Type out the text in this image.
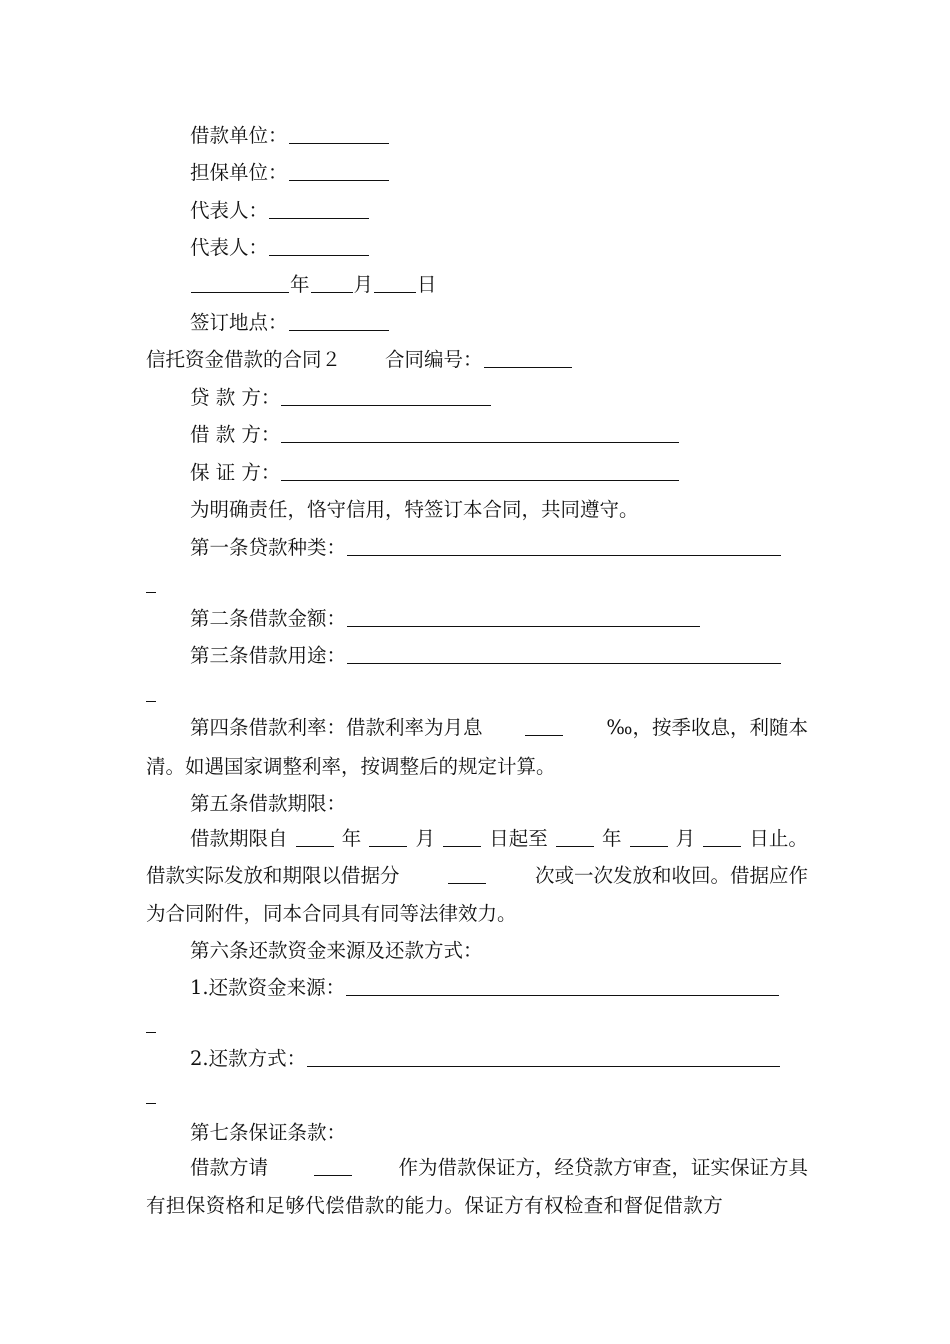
借款单位：
担保单位：
代表人：
代表人：
年 月 日
签订地点：
信托资金借款的合同２ 合同编号：
贷 款 方：
借 款 方：
保 证 方：
为明确责任，恪守信用，特签订本合同，共同遵守。
第一条贷款种类：
第二条借款金额：
第三条借款用途：
第四条借款利率：借款利率为月息	‰，按季收息，利随本
清。如遇国家调整利率，按调整后的规定计算。
第五条借款期限：
借款期限自	年	月	日起至	年	月	日止。
借款实际发放和期限以借据分	次或一次发放和收回。借据应作
为合同附件，同本合同具有同等法律效力。
第六条还款资金来源及还款方式：
1.还款资金来源：
2.还款方式：
第七条保证条款：
借款方请	作为借款保证方，经贷款方审查，证实保证方具
有担保资格和足够代偿借款的能力。保证方有权检查和督促借款方
